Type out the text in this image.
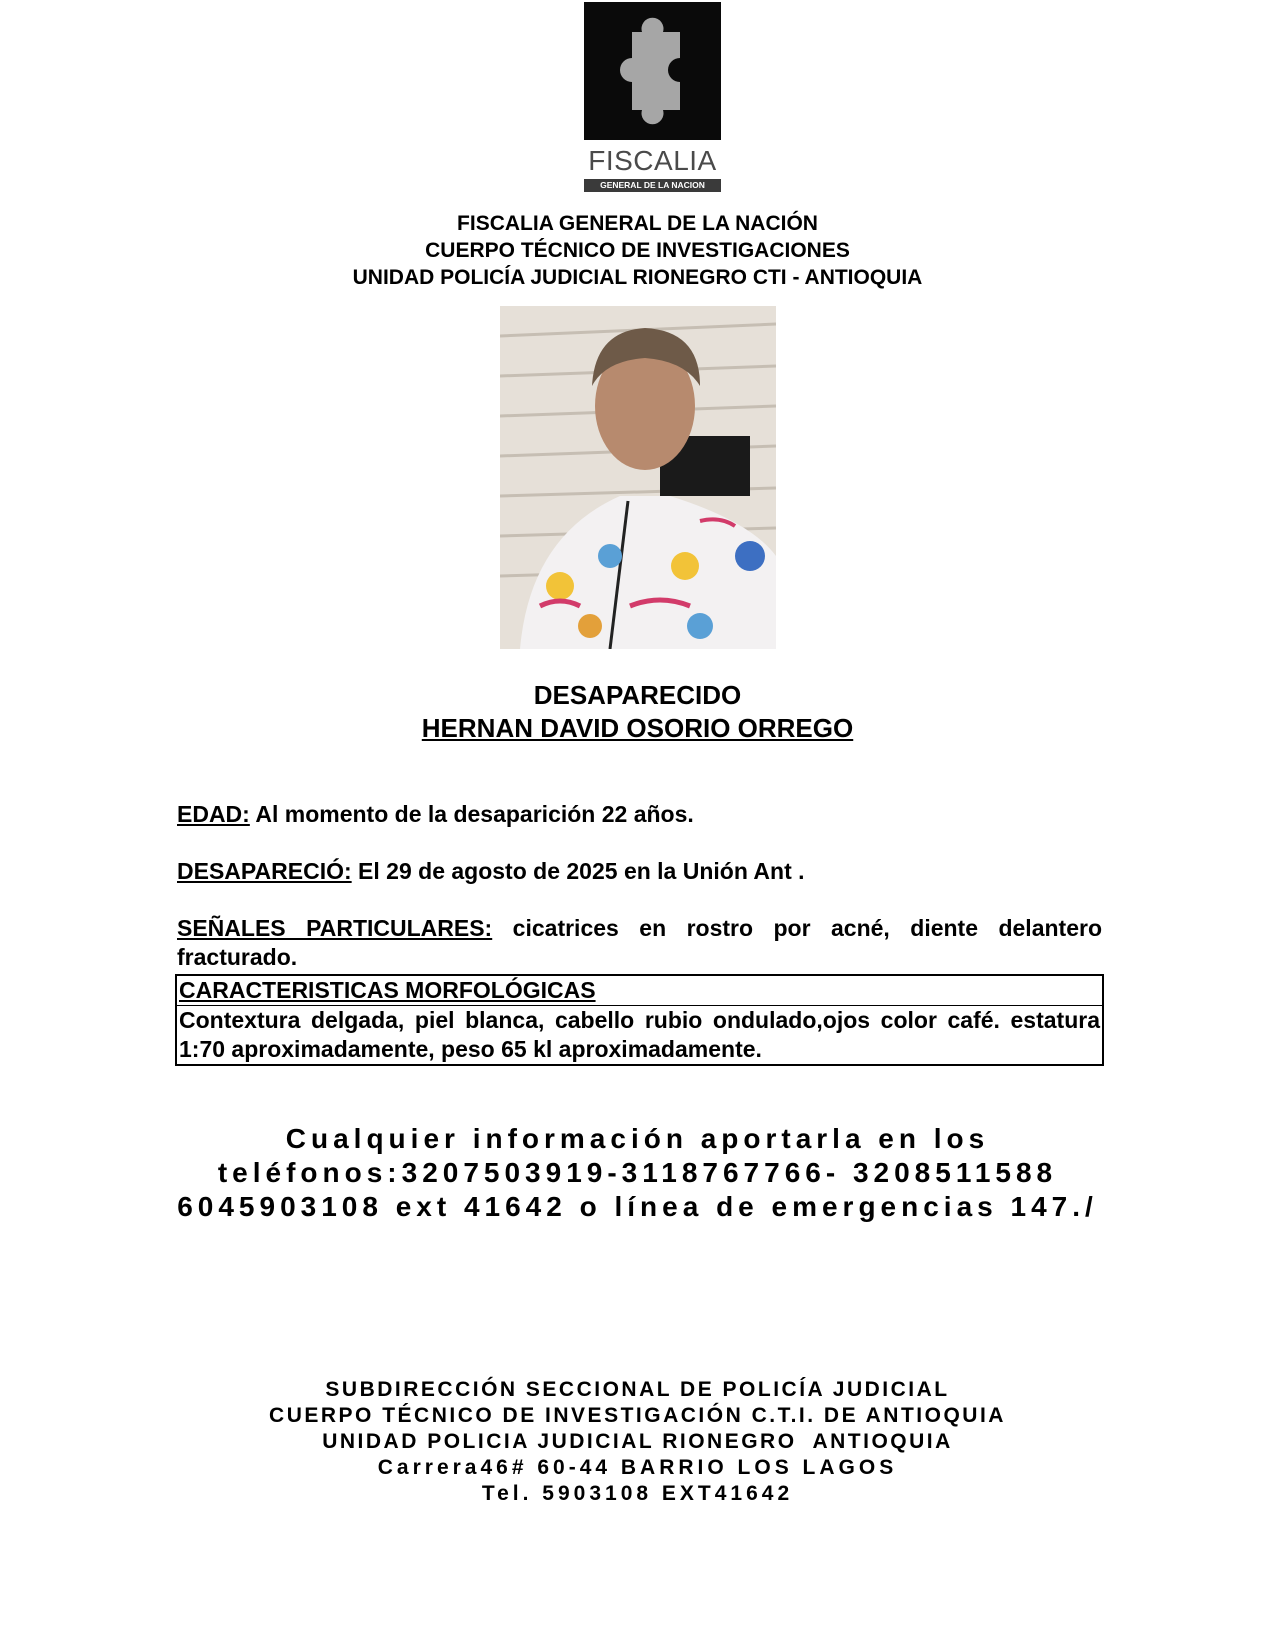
FISCALIA
GENERAL DE LA NACION
FISCALIA GENERAL DE LA NACIÓN
CUERPO TÉCNICO DE INVESTIGACIONES
UNIDAD POLICÍA JUDICIAL RIONEGRO CTI - ANTIOQUIA
DESAPARECIDO
HERNAN DAVID OSORIO ORREGO
EDAD: Al momento de la desaparición 22 años.
DESAPARECIÓ: El 29 de agosto de 2025 en la Unión Ant .
SEÑALES PARTICULARES: cicatrices en rostro por acné, diente delantero fracturado.
CARACTERISTICAS MORFOLÓGICAS
Contextura delgada, piel blanca, cabello rubio ondulado,ojos color café. estatura 1:70 aproximadamente, peso 65 kl aproximadamente.
Cualquier información aportarla en los
teléfonos:3207503919-3118767766- 3208511588
6045903108 ext 41642 o línea de emergencias 147./
SUBDIRECCIÓN SECCIONAL DE POLICÍA JUDICIAL
CUERPO TÉCNICO DE INVESTIGACIÓN C.T.I. DE ANTIOQUIA
UNIDAD POLICIA JUDICIAL RIONEGRO  ANTIOQUIA
Carrera46# 60-44 BARRIO LOS LAGOS
Tel. 5903108 EXT41642
